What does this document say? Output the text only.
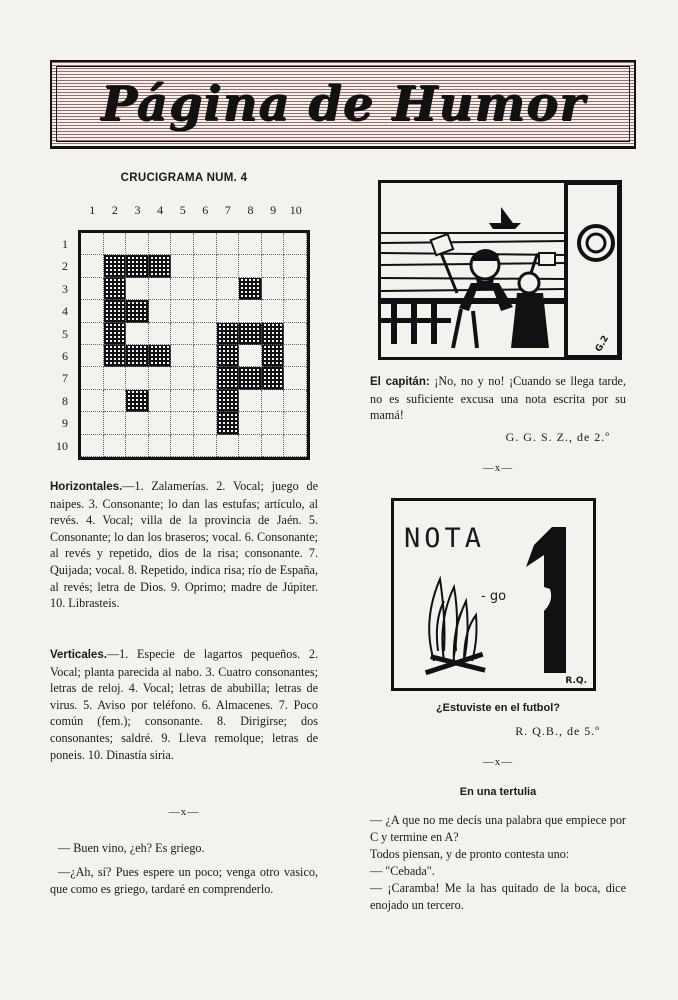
Página de Humor
CRUCIGRAMA NUM. 4
1	2	3	4	5	6	7	8	9	10
1
2
3
4
5
6
7
8
9
10
Horizontales.—1. Zalamerías. 2. Vocal; juego de naipes. 3. Consonante; lo dan las estufas; artículo, al revés. 4. Vocal; villa de la provincia de Jaén. 5. Consonante; lo dan los braseros; vocal. 6. Consonante; al revés y repetido, dios de la risa; consonante. 7. Quijada; vocal. 8. Repetido, indica risa; río de España, al revés; letra de Dios. 9. Oprimo; madre de Júpiter. 10. Librasteis.
Verticales.—1. Especie de lagartos pequeños. 2. Vocal; planta parecida al nabo. 3. Cuatro consonantes; letras de reloj. 4. Vocal; letras de abubilla; letras de virus. 5. Aviso por teléfono. 6. Almacenes. 7. Poco común (fem.); consonante. 8. Dirigirse; dos consonantes; saldré. 9. Lleva remolque; letras de poneis. 10. Dinastía siria.
—x—
— Buen vino, ¿eh? Es griego.
—¿Ah, sí? Pues espere un poco; venga otro vasico, que como es griego, tardaré en comprenderlo.
G.2
El capitán: ¡No, no y no! ¡Cuando se llega tarde, no es suficiente excusa una nota escrita por su mamá!
G. G. S. Z., de 2.º
—x—
NOTA
- go
R.Q.
¿Estuviste en el futbol?
R. Q.B., de 5.º
—x—
En una tertulia
— ¿A que no me decís una palabra que empiece por C y termine en A?
Todos piensan, y de pronto contesta uno:
— "Cebada".
— ¡Caramba! Me la has quitado de la boca, dice enojado un tercero.
